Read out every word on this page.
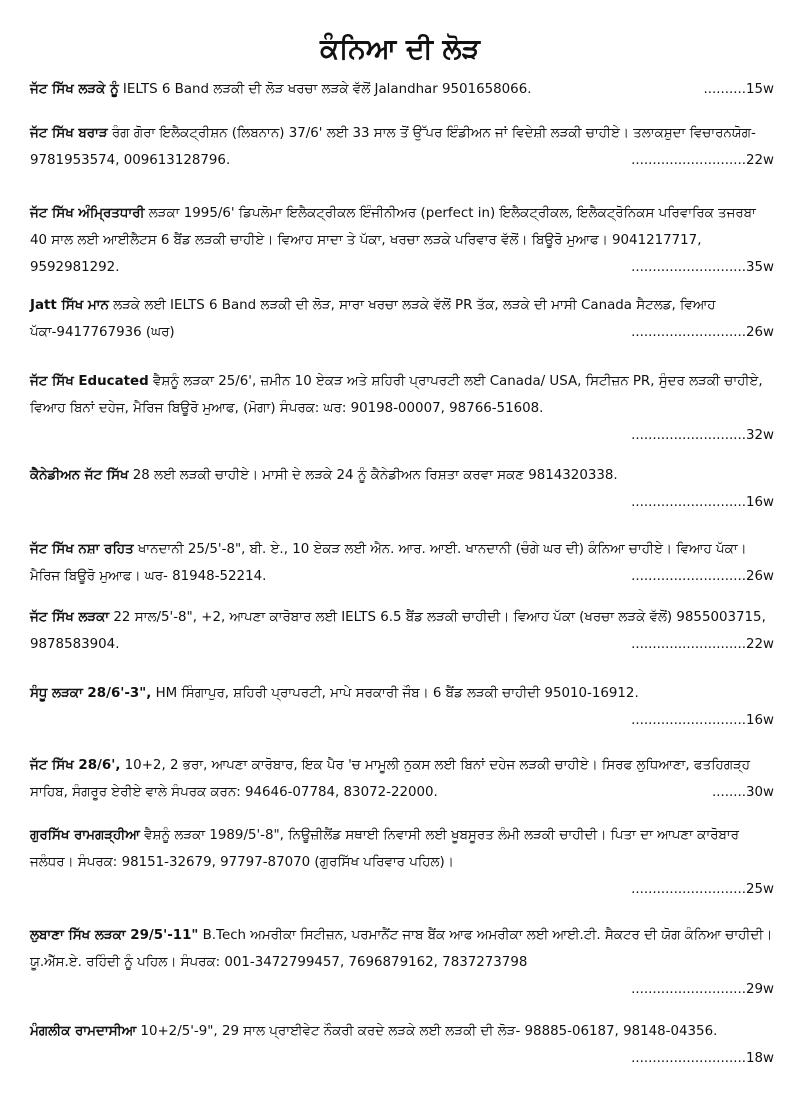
ਕੰਨਿਆ ਦੀ ਲੋੜ

..........15w
ਜੱਟ ਸਿੱਖ ਲੜਕੇ ਨੂੰ IELTS 6 Band ਲੜਕੀ ਦੀ ਲੋੜ ਖਰਚਾ ਲੜਕੇ ਵੱਲੋਂ Jalandhar 9501658066.

ਜੱਟ ਸਿੱਖ ਬਰਾੜ ਰੰਗ ਗੋਰਾ ਇਲੈਕਟ੍ਰੀਸ਼ਨ (ਲਿਬਨਾਨ) 37/6' ਲਈ 33 ਸਾਲ ਤੋਂ ਉੱਪਰ ਇੰਡੀਅਨ ਜਾਂ ਵਿਦੇਸ਼ੀ ਲੜਕੀ ਚਾਹੀਏ। ਤਲਾਕਸ਼ੁਦਾ ਵਿਚਾਰਨਯੋਗ- 9781953574, 009613128796.	...........................22w

ਜੱਟ ਸਿੱਖ ਅੰਮ੍ਰਿਤਧਾਰੀ ਲੜਕਾ 1995/6' ਡਿਪਲੋਮਾ ਇਲੈਕਟ੍ਰੀਕਲ ਇੰਜੀਨੀਅਰ (perfect in) ਇਲੈਕਟ੍ਰੀਕਲ, ਇਲੈਕਟ੍ਰੋਨਿਕਸ ਪਰਿਵਾਰਿਕ ਤਜਰਬਾ 40 ਸਾਲ ਲਈ ਆਈਲੈਟਸ 6 ਬੈਂਡ ਲੜਕੀ ਚਾਹੀਏ। ਵਿਆਹ ਸਾਦਾ ਤੇ ਪੱਕਾ, ਖਰਚਾ ਲੜਕੇ ਪਰਿਵਾਰ ਵੱਲੋਂ। ਬਿਊਰੋ ਮੁਆਫ। 9041217717, 9592981292.	...........................35w

Jatt ਸਿੱਖ ਮਾਨ ਲੜਕੇ ਲਈ IELTS 6 Band ਲੜਕੀ ਦੀ ਲੋੜ, ਸਾਰਾ ਖਰਚਾ ਲੜਕੇ ਵੱਲੋਂ PR ਤੱਕ, ਲੜਕੇ ਦੀ ਮਾਸੀ Canada ਸੈਟਲਡ, ਵਿਆਹ ਪੱਕਾ-9417767936 (ਘਰ)	...........................26w

ਜੱਟ ਸਿੱਖ Educated ਵੈਸ਼ਨੂੰ ਲੜਕਾ 25/6', ਜ਼ਮੀਨ 10 ਏਕੜ ਅਤੇ ਸ਼ਹਿਰੀ ਪ੍ਰਾਪਰਟੀ ਲਈ Canada/ USA, ਸਿਟੀਜ਼ਨ PR, ਸੁੰਦਰ ਲੜਕੀ ਚਾਹੀਏ, ਵਿਆਹ ਬਿਨਾਂ ਦਹੇਜ, ਮੈਰਿਜ ਬਿਊਰੋ ਮੁਆਫ, (ਮੋਗਾ) ਸੰਪਰਕ: ਘਰ: 90198-00007, 98766-51608.

...........................32w

ਕੈਨੇਡੀਅਨ ਜੱਟ ਸਿੱਖ 28 ਲਈ ਲੜਕੀ ਚਾਹੀਏ। ਮਾਸੀ ਦੇ ਲੜਕੇ 24 ਨੂੰ ਕੈਨੇਡੀਅਨ ਰਿਸ਼ਤਾ ਕਰਵਾ ਸਕਣ 9814320338.

...........................16w

ਜੱਟ ਸਿੱਖ ਨਸ਼ਾ ਰਹਿਤ ਖਾਨਦਾਨੀ 25/5'-8", ਬੀ. ਏ., 10 ਏਕੜ ਲਈ ਐਨ. ਆਰ. ਆਈ. ਖਾਨਦਾਨੀ (ਚੰਗੇ ਘਰ ਦੀ) ਕੰਨਿਆ ਚਾਹੀਏ। ਵਿਆਹ ਪੱਕਾ। ਮੈਰਿਜ ਬਿਊਰੋ ਮੁਆਫ। ਘਰ- 81948-52214.	...........................26w

ਜੱਟ ਸਿੱਖ ਲੜਕਾ 22 ਸਾਲ/5'-8", +2, ਆਪਣਾ ਕਾਰੋਬਾਰ ਲਈ IELTS 6.5 ਬੈਂਡ ਲੜਕੀ ਚਾਹੀਦੀ। ਵਿਆਹ ਪੱਕਾ (ਖਰਚਾ ਲੜਕੇ ਵੱਲੋਂ) 9855003715, 9878583904.	...........................22w

ਸੰਧੂ ਲੜਕਾ 28/6'-3", HM ਸਿੰਗਾਪੁਰ, ਸ਼ਹਿਰੀ ਪ੍ਰਾਪਰਟੀ, ਮਾਪੇ ਸਰਕਾਰੀ ਜੌਬ। 6 ਬੈਂਡ ਲੜਕੀ ਚਾਹੀਦੀ 95010-16912.

...........................16w

ਜੱਟ ਸਿੱਖ 28/6', 10+2, 2 ਭਰਾ, ਆਪਣਾ ਕਾਰੋਬਾਰ, ਇਕ ਪੈਰ 'ਚ ਮਾਮੂਲੀ ਨੁਕਸ ਲਈ ਬਿਨਾਂ ਦਹੇਜ ਲੜਕੀ ਚਾਹੀਏ। ਸਿਰਫ ਲੁਧਿਆਣਾ, ਫਤਹਿਗੜ੍ਹ ਸਾਹਿਬ, ਸੰਗਰੂਰ ਏਰੀਏ ਵਾਲੇ ਸੰਪਰਕ ਕਰਨ: 94646-07784, 83072-22000.	........30w

ਗੁਰਸਿੱਖ ਰਾਮਗੜ੍ਹੀਆ ਵੈਸ਼ਨੂੰ ਲੜਕਾ 1989/5'-8", ਨਿਊਜ਼ੀਲੈਂਡ ਸਥਾਈ ਨਿਵਾਸੀ ਲਈ ਖੂਬਸੂਰਤ ਲੰਮੀ ਲੜਕੀ ਚਾਹੀਦੀ। ਪਿਤਾ ਦਾ ਆਪਣਾ ਕਾਰੋਬਾਰ ਜਲੰਧਰ। ਸੰਪਰਕ: 98151-32679, 97797-87070 (ਗੁਰਸਿੱਖ ਪਰਿਵਾਰ ਪਹਿਲ)।

...........................25w

ਲੁਬਾਣਾ ਸਿੱਖ ਲੜਕਾ 29/5'-11" B.Tech ਅਮਰੀਕਾ ਸਿਟੀਜ਼ਨ, ਪਰਮਾਨੈਂਟ ਜਾਬ ਬੈਂਕ ਆਫ ਅਮਰੀਕਾ ਲਈ ਆਈ.ਟੀ. ਸੈਕਟਰ ਦੀ ਯੋਗ ਕੰਨਿਆ ਚਾਹੀਦੀ। ਯੂ.ਐੱਸ.ਏ. ਰਹਿੰਦੀ ਨੂੰ ਪਹਿਲ। ਸੰਪਰਕ: 001-3472799457, 7696879162, 7837273798

...........................29w

ਮੰਗਲੀਕ ਰਾਮਦਾਸੀਆ 10+2/5'-9", 29 ਸਾਲ ਪ੍ਰਾਈਵੇਟ ਨੌਕਰੀ ਕਰਦੇ ਲੜਕੇ ਲਈ ਲੜਕੀ ਦੀ ਲੋੜ- 98885-06187, 98148-04356.

...........................18w
